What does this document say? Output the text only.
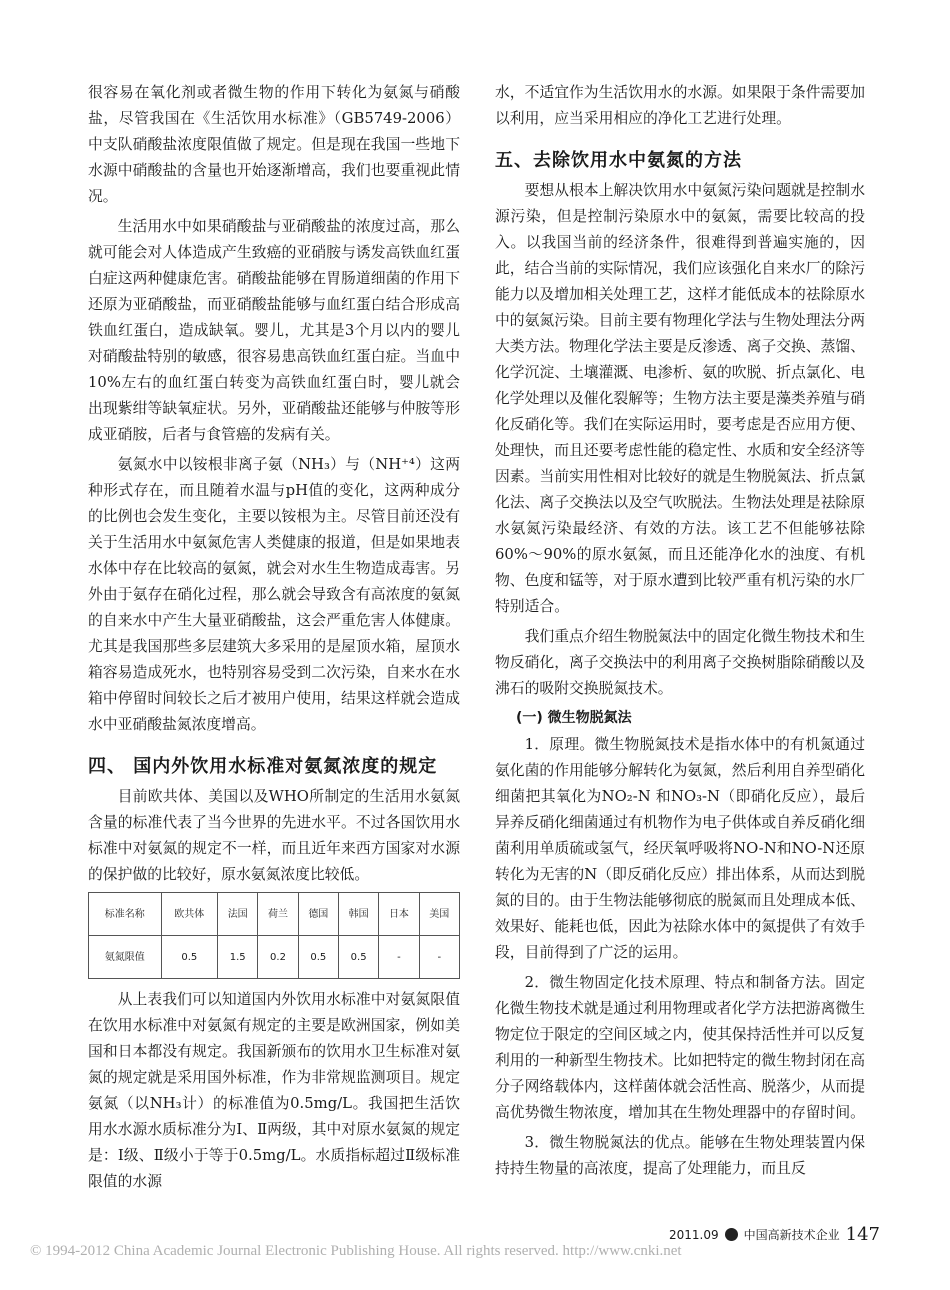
很容易在氧化剂或者微生物的作用下转化为氨氮与硝酸盐，尽管我国在《生活饮用水标准》（GB5749-2006）中支队硝酸盐浓度限值做了规定。但是现在我国一些地下水源中硝酸盐的含量也开始逐渐增高，我们也要重视此情况。

生活用水中如果硝酸盐与亚硝酸盐的浓度过高，那么就可能会对人体造成产生致癌的亚硝胺与诱发高铁血红蛋白症这两种健康危害。硝酸盐能够在胃肠道细菌的作用下还原为亚硝酸盐，而亚硝酸盐能够与血红蛋白结合形成高铁血红蛋白，造成缺氧。婴儿，尤其是3个月以内的婴儿对硝酸盐特别的敏感，很容易患高铁血红蛋白症。当血中10%左右的血红蛋白转变为高铁血红蛋白时，婴儿就会出现紫绀等缺氧症状。另外，亚硝酸盐还能够与仲胺等形成亚硝胺，后者与食管癌的发病有关。

氨氮水中以铵根非离子氨（NH₃）与（NH⁺⁴）这两种形式存在，而且随着水温与pH值的变化，这两种成分的比例也会发生变化，主要以铵根为主。尽管目前还没有关于生活用水中氨氮危害人类健康的报道，但是如果地表水体中存在比较高的氨氮，就会对水生生物造成毒害。另外由于氨存在硝化过程，那么就会导致含有高浓度的氨氮的自来水中产生大量亚硝酸盐，这会严重危害人体健康。尤其是我国那些多层建筑大多采用的是屋顶水箱，屋顶水箱容易造成死水，也特别容易受到二次污染，自来水在水箱中停留时间较长之后才被用户使用，结果这样就会造成水中亚硝酸盐氮浓度增高。

四、 国内外饮用水标准对氨氮浓度的规定

目前欧共体、美国以及WHO所制定的生活用水氨氮含量的标准代表了当今世界的先进水平。不过各国饮用水标准中对氨氮的规定不一样，而且近年来西方国家对水源的保护做的比较好，原水氨氮浓度比较低。

标准名称	欧共体	法国	荷兰	德国	韩国	日本	美国
氨氮限值	0.5	1.5	0.2	0.5	0.5	-	-

从上表我们可以知道国内外饮用水标准中对氨氮限值在饮用水标准中对氨氮有规定的主要是欧洲国家，例如美国和日本都没有规定。我国新颁布的饮用水卫生标准对氨氮的规定就是采用国外标准，作为非常规监测项目。规定氨氮（以NH₃计）的标准值为0.5mg/L。我国把生活饮用水水源水质标准分为Ⅰ、Ⅱ两级，其中对原水氨氮的规定是：Ⅰ级、Ⅱ级小于等于0.5mg/L。水质指标超过Ⅱ级标准限值的水源

水，不适宜作为生活饮用水的水源。如果限于条件需要加以利用，应当采用相应的净化工艺进行处理。

五、去除饮用水中氨氮的方法

要想从根本上解决饮用水中氨氮污染问题就是控制水源污染，但是控制污染原水中的氨氮，需要比较高的投入。以我国当前的经济条件，很难得到普遍实施的，因此，结合当前的实际情况，我们应该强化自来水厂的除污能力以及增加相关处理工艺，这样才能低成本的祛除原水中的氨氮污染。目前主要有物理化学法与生物处理法分两大类方法。物理化学法主要是反渗透、离子交换、蒸馏、化学沉淀、土壤灌溉、电渗析、氨的吹脱、折点氯化、电化学处理以及催化裂解等；生物方法主要是藻类养殖与硝化反硝化等。我们在实际运用时，要考虑是否应用方便、处理快，而且还要考虑性能的稳定性、水质和安全经济等因素。当前实用性相对比较好的就是生物脱氮法、折点氯化法、离子交换法以及空气吹脱法。生物法处理是祛除原水氨氮污染最经济、有效的方法。该工艺不但能够祛除60%～90%的原水氨氮，而且还能净化水的浊度、有机物、色度和锰等，对于原水遭到比较严重有机污染的水厂特别适合。

我们重点介绍生物脱氮法中的固定化微生物技术和生物反硝化，离子交换法中的利用离子交换树脂除硝酸以及沸石的吸附交换脱氮技术。

(一) 微生物脱氮法

1．原理。微生物脱氮技术是指水体中的有机氮通过氨化菌的作用能够分解转化为氨氮，然后利用自养型硝化细菌把其氧化为NO₂-N 和NO₃-N（即硝化反应），最后异养反硝化细菌通过有机物作为电子供体或自养反硝化细菌利用单质硫或氢气，经厌氧呼吸将NO-N和NO-N还原转化为无害的N（即反硝化反应）排出体系，从而达到脱氮的目的。由于生物法能够彻底的脱氮而且处理成本低、效果好、能耗也低，因此为祛除水体中的氮提供了有效手段，目前得到了广泛的运用。

2．微生物固定化技术原理、特点和制备方法。固定化微生物技术就是通过利用物理或者化学方法把游离微生物定位于限定的空间区域之内，使其保持活性并可以反复利用的一种新型生物技术。比如把特定的微生物封闭在高分子网络载体内，这样菌体就会活性高、脱落少，从而提高优势微生物浓度，增加其在生物处理器中的存留时间。

3．微生物脱氮法的优点。能够在生物处理装置内保持持生物量的高浓度，提高了处理能力，而且反

2011.09 中国高新技术企业 147
© 1994-2012 China Academic Journal Electronic Publishing House. All rights reserved. http://www.cnki.net
